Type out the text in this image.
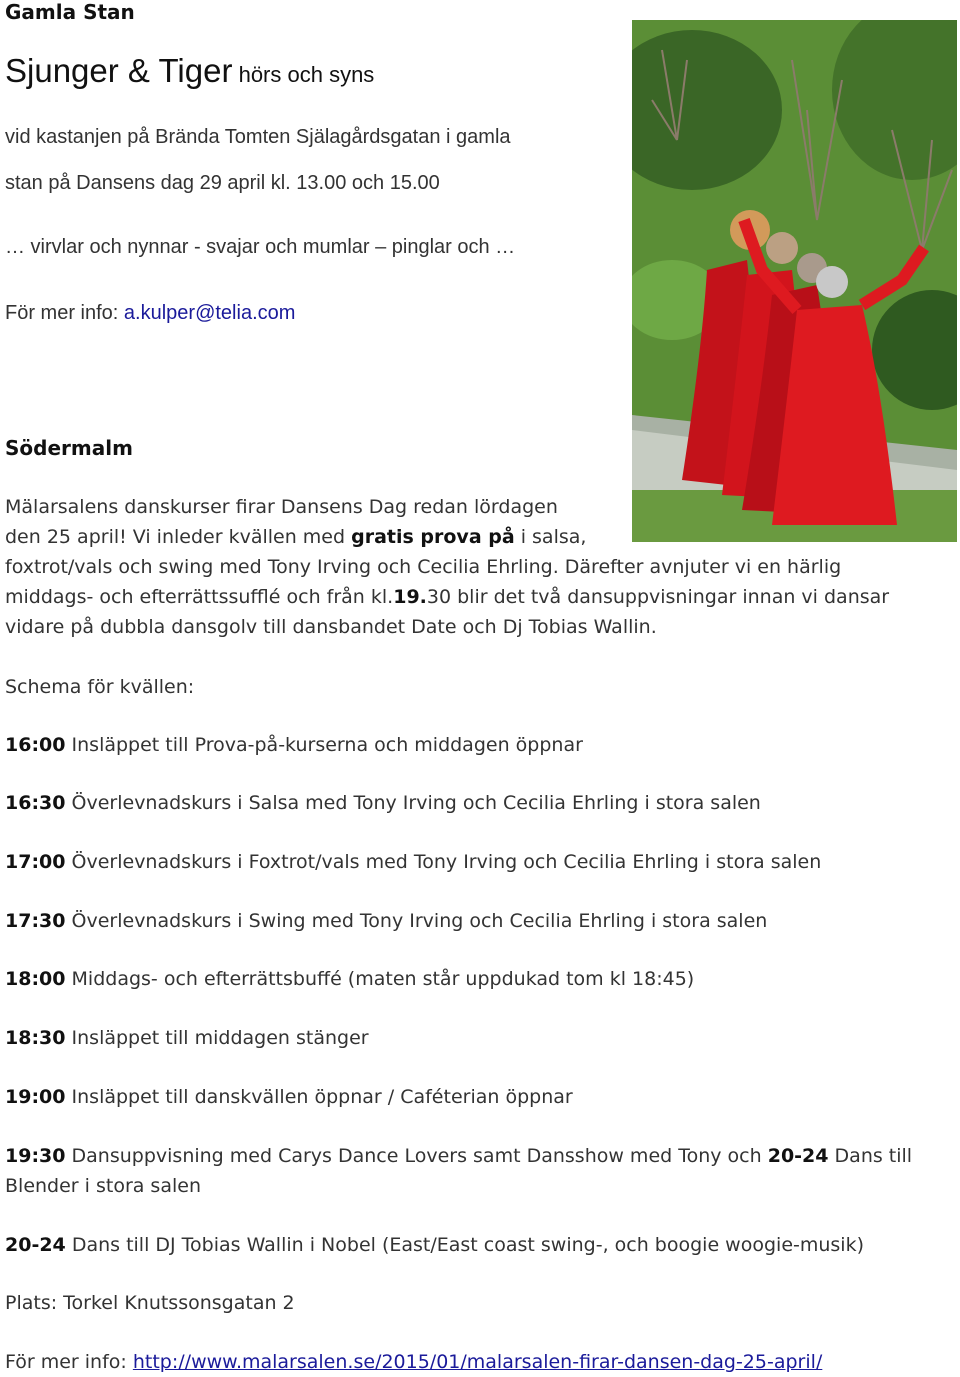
Gamla Stan
Sjunger & Tiger hörs och syns
vid kastanjen på Brända Tomten Själagårdsgatan i gamla
stan på Dansens dag 29 april kl. 13.00 och 15.00
… virvlar och nynnar - svajar och mumlar – pinglar och …
För mer info: a.kulper@telia.com
Södermalm
Mälarsalens danskurser firar Dansens Dag redan lördagen
den 25 april! Vi inleder kvällen med gratis prova på i salsa,
foxtrot/vals och swing med Tony Irving och Cecilia Ehrling. Därefter avnjuter vi en härlig
middags- och efterrättssufflé och från kl.19.30 blir det två dansuppvisningar innan vi dansar
vidare på dubbla dansgolv till dansbandet Date och Dj Tobias Wallin.
Schema för kvällen:
16:00 Insläppet till Prova-på-kurserna och middagen öppnar
16:30 Överlevnadskurs i Salsa med Tony Irving och Cecilia Ehrling i stora salen
17:00 Överlevnadskurs i Foxtrot/vals med Tony Irving och Cecilia Ehrling i stora salen
17:30 Överlevnadskurs i Swing med Tony Irving och Cecilia Ehrling i stora salen
18:00 Middags- och efterrättsbuffé (maten står uppdukad tom kl 18:45)
18:30 Insläppet till middagen stänger
19:00 Insläppet till danskvällen öppnar / Caféterian öppnar
19:30 Dansuppvisning med Carys Dance Lovers samt Dansshow med Tony och 20-24 Dans till
Blender i stora salen
20-24 Dans till DJ Tobias Wallin i Nobel (East/East coast swing-, och boogie woogie-musik)
Plats: Torkel Knutssonsgatan 2
För mer info: http://www.malarsalen.se/2015/01/malarsalen-firar-dansen-dag-25-april/
